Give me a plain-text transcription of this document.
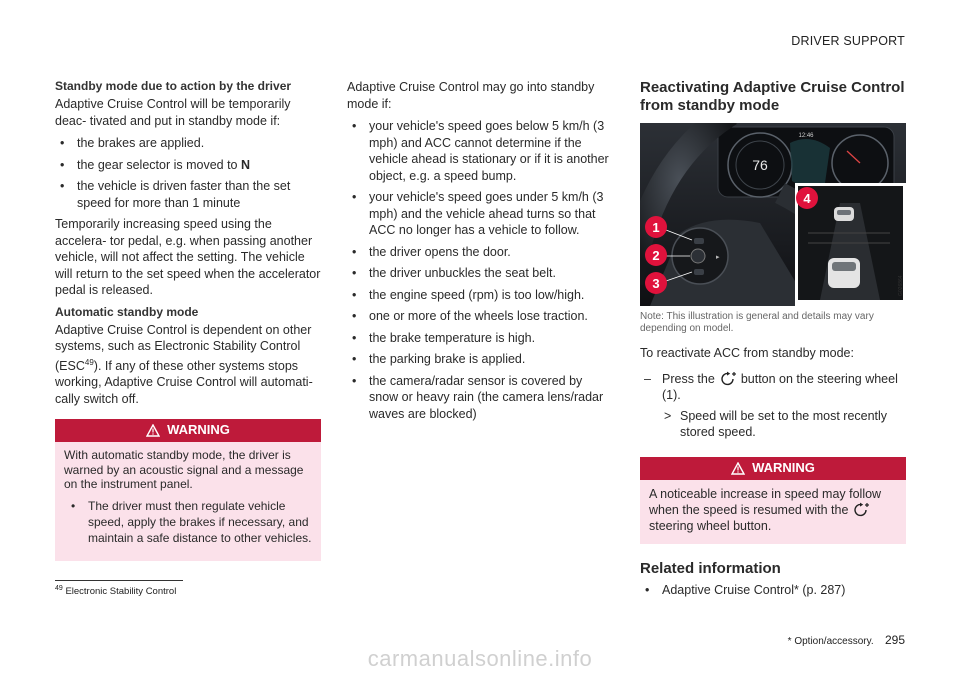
DRIVER SUPPORT
Standby mode due to action by the driver

Adaptive Cruise Control will be temporarily deac- tivated and put in standby mode if:

• the brakes are applied.
• the gear selector is moved to N
• the vehicle is driven faster than the set speed for more than 1 minute

Temporarily increasing speed using the accelera- tor pedal, e.g. when passing another vehicle, will not affect the setting. The vehicle will return to the set speed when the accelerator pedal is released.

Automatic standby mode

Adaptive Cruise Control is dependent on other systems, such as Electronic Stability Control (ESC$^{49}$). If any of these other systems stops working, Adaptive Cruise Control will automati- cally switch off.

WARNING

With automatic standby mode, the driver is warned by an acoustic signal and a message on the instrument panel.

• The driver must then regulate vehicle speed, apply the brakes if necessary, and maintain a safe distance to other vehicles.

Adaptive Cruise Control may go into standby mode if:

• your vehicle's speed goes below 5 km/h (3 mph) and ACC cannot determine if the vehicle ahead is stationary or if it is another object, e.g. a speed bump.
• your vehicle's speed goes under 5 km/h (3 mph) and the vehicle ahead turns so that ACC no longer has a vehicle to follow.
• the driver opens the door.
• the driver unbuckles the seat belt.
• the engine speed (rpm) is too low/high.
• one or more of the wheels lose traction.
• the brake temperature is high.
• the parking brake is applied.
• the camera/radar sensor is covered by snow or heavy rain (the camera lens/radar waves are blocked)
Reactivating Adaptive Cruise Control from standby mode
76
12:46
▸
G026864
1
2
3
4
Note: This illustration is general and details may vary depending on model.

To reactivate ACC from standby mode:

– Press the button on the steering wheel (1).
> Speed will be set to the most recently stored speed.
WARNING
A noticeable increase in speed may follow when the speed is resumed with thesteering wheel button.
Related information
• Adaptive Cruise Control* (p. 287)
$^{49}$ Electronic Stability Control
* Option/accessory. 295
carmanualsonline.info
